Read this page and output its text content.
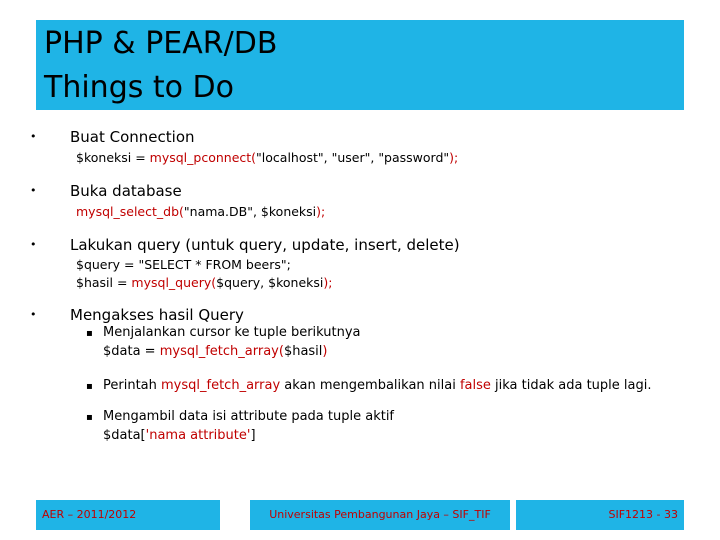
PHP & PEAR/DB
Things to Do
• Buat Connection
$koneksi = mysql_pconnect("localhost", "user", "password");
• Buka database
mysql_select_db("nama.DB", $koneksi);
• Lakukan query (untuk query, update, insert, delete)
$query = "SELECT * FROM beers";
$hasil = mysql_query($query, $koneksi);
• Mengakses hasil Query
▪ Menjalankan cursor ke tuple berikutnya
$data = mysql_fetch_array($hasil)
▪ Perintah mysql_fetch_array akan mengembalikan nilai false jika tidak ada tuple lagi.
▪ Mengambil data isi attribute pada tuple aktif
$data['nama attribute']
AER – 2011/2012	Universitas Pembangunan Jaya – SIF_TIF	SIF1213 - 33
